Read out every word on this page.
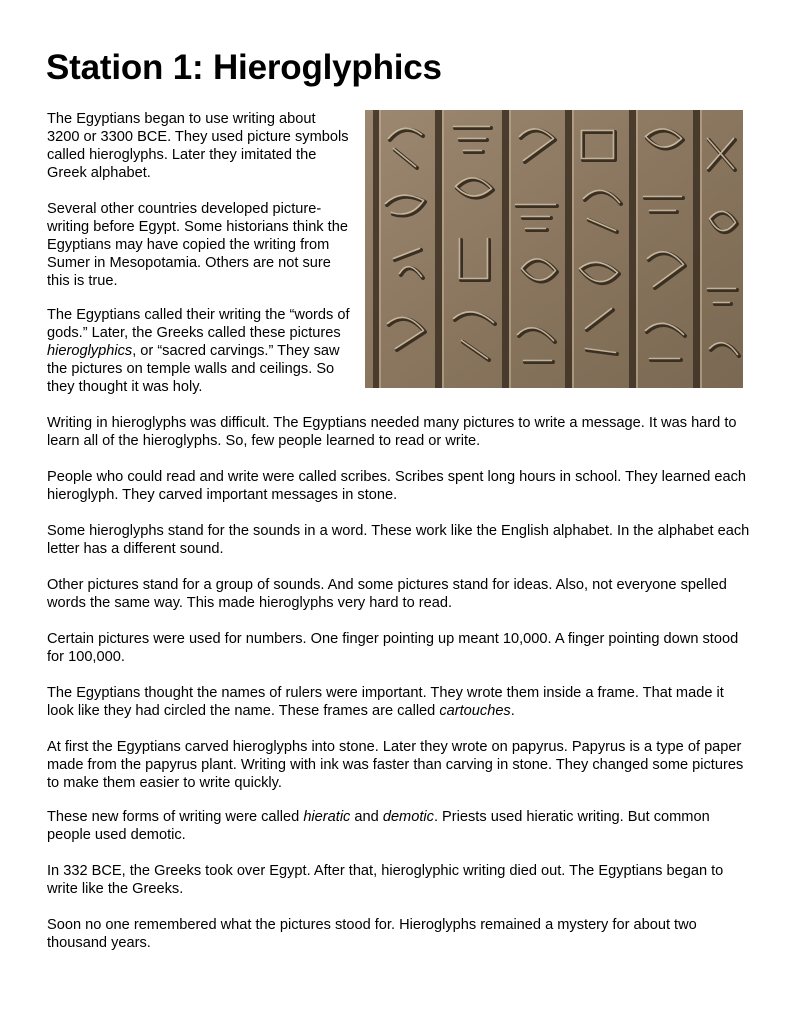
Station 1: Hieroglyphics

The Egyptians began to use writing about 3200 or 3300 BCE. They used picture symbols called hieroglyphs. Later they imitated the Greek alphabet.

Several other countries developed picture-writing before Egypt. Some historians think the Egyptians may have copied the writing from Sumer in Mesopotamia. Others are not sure this is true.

The Egyptians called their writing the “words of gods.” Later, the Greeks called these pictures hieroglyphics, or “sacred carvings.” They saw the pictures on temple walls and ceilings. So they thought it was holy.

Writing in hieroglyphs was difficult. The Egyptians needed many pictures to write a message. It was hard to learn all of the hieroglyphs. So, few people learned to read or write.

People who could read and write were called scribes. Scribes spent long hours in school. They learned each hieroglyph. They carved important messages in stone.

Some hieroglyphs stand for the sounds in a word. These work like the English alphabet. In the alphabet each letter has a different sound.

Other pictures stand for a group of sounds. And some pictures stand for ideas. Also, not everyone spelled words the same way. This made hieroglyphs very hard to read.

Certain pictures were used for numbers. One finger pointing up meant 10,000. A finger pointing down stood for 100,000.

The Egyptians thought the names of rulers were important. They wrote them inside a frame. That made it look like they had circled the name. These frames are called cartouches.

At first the Egyptians carved hieroglyphs into stone. Later they wrote on papyrus. Papyrus is a type of paper made from the papyrus plant. Writing with ink was faster than carving in stone. They changed some pictures to make them easier to write quickly.

These new forms of writing were called hieratic and demotic. Priests used hieratic writing. But common people used demotic.

In 332 BCE, the Greeks took over Egypt. After that, hieroglyphic writing died out. The Egyptians began to write like the Greeks.

Soon no one remembered what the pictures stood for. Hieroglyphs remained a mystery for about two thousand years.
